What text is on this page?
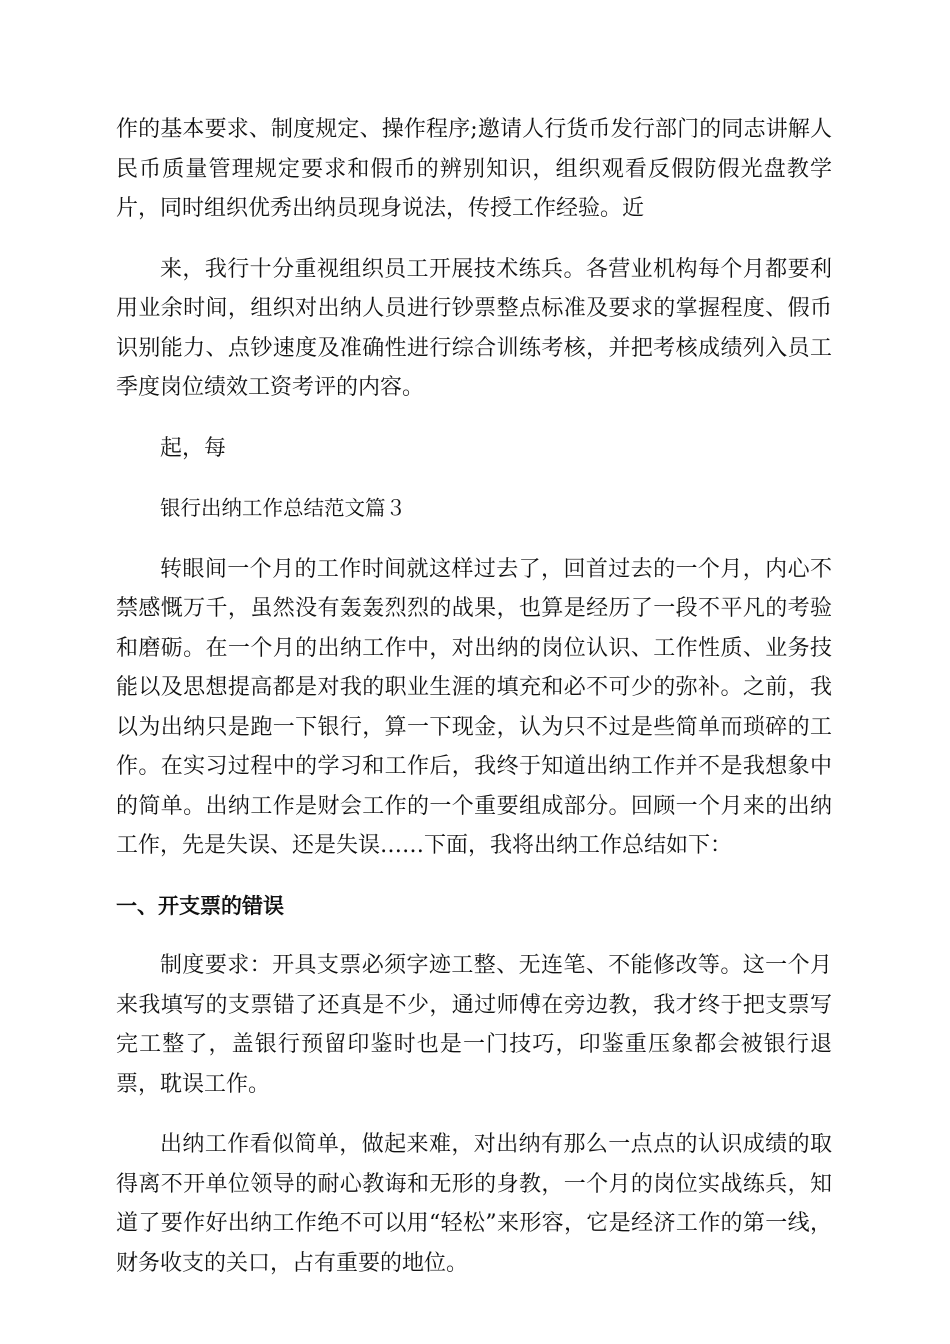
作的基本要求、制度规定、操作程序;邀请人行货币发行部门的同志讲解人民币质量管理规定要求和假币的辨别知识，组织观看反假防假光盘教学片，同时组织优秀出纳员现身说法，传授工作经验。近

来，我行十分重视组织员工开展技术练兵。各营业机构每个月都要利用业余时间，组织对出纳人员进行钞票整点标准及要求的掌握程度、假币识别能力、点钞速度及准确性进行综合训练考核，并把考核成绩列入员工季度岗位绩效工资考评的内容。

起，每

银行出纳工作总结范文篇３

转眼间一个月的工作时间就这样过去了，回首过去的一个月，内心不禁感慨万千，虽然没有轰轰烈烈的战果，也算是经历了一段不平凡的考验和磨砺。在一个月的出纳工作中，对出纳的岗位认识、工作性质、业务技能以及思想提高都是对我的职业生涯的填充和必不可少的弥补。之前，我以为出纳只是跑一下银行，算一下现金，认为只不过是些简单而琐碎的工作。在实习过程中的学习和工作后，我终于知道出纳工作并不是我想象中的简单。出纳工作是财会工作的一个重要组成部分。回顾一个月来的出纳工作，先是失误、还是失误……下面，我将出纳工作总结如下：

一、开支票的错误

制度要求：开具支票必须字迹工整、无连笔、不能修改等。这一个月来我填写的支票错了还真是不少，通过师傅在旁边教，我才终于把支票写完工整了，盖银行预留印鉴时也是一门技巧，印鉴重压象都会被银行退票，耽误工作。

出纳工作看似简单，做起来难，对出纳有那么一点点的认识成绩的取得离不开单位领导的耐心教诲和无形的身教，一个月的岗位实战练兵，知道了要作好出纳工作绝不可以用“轻松”来形容，它是经济工作的第一线，财务收支的关口，占有重要的地位。
